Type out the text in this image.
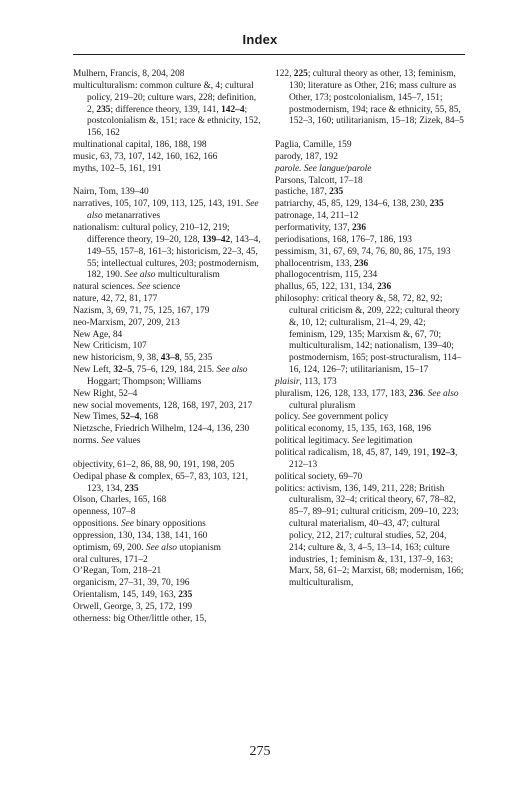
Index
Mulhern, Francis, 8, 204, 208
multiculturalism: common culture &, 4; cultural policy, 219–20; culture wars, 228; definition, 2, 235; difference theory, 139, 141, 142–4; postcolonialism &, 151; race & ethnicity, 152, 156, 162
multinational capital, 186, 188, 198
music, 63, 73, 107, 142, 160, 162, 166
myths, 102–5, 161, 191
Nairn, Tom, 139–40
narratives, 105, 107, 109, 113, 125, 143, 191. See also metanarratives
nationalism: cultural policy, 210–12, 219; difference theory, 19–20, 128, 139–42, 143–4, 149–55, 157–8, 161–3; historicism, 22–3, 45, 55; intellectual cultures, 203; postmodernism, 182, 190. See also multiculturalism
natural sciences. See science
nature, 42, 72, 81, 177
Nazism, 3, 69, 71, 75, 125, 167, 179
neo-Marxism, 207, 209, 213
New Age, 84
New Criticism, 107
new historicism, 9, 38, 43–8, 55, 235
New Left, 32–5, 75–6, 129, 184, 215. See also Hoggart; Thompson; Williams
New Right, 52–4
new social movements, 128, 168, 197, 203, 217
New Times, 52–4, 168
Nietzsche, Friedrich Wilhelm, 124–4, 136, 230
norms. See values
objectivity, 61–2, 86, 88, 90, 191, 198, 205
Oedipal phase & complex, 65–7, 83, 103, 121, 123, 134, 235
Olson, Charles, 165, 168
openness, 107–8
oppositions. See binary oppositions
oppression, 130, 134, 138, 141, 160
optimism, 69, 200. See also utopianism
oral cultures, 171–2
O’Regan, Tom, 218–21
organicism, 27–31, 39, 70, 196
Orientalism, 145, 149, 163, 235
Orwell, George, 3, 25, 172, 199
otherness: big Other/little other, 15,
122, 225; cultural theory as other, 13; feminism, 130; literature as Other, 216; mass culture as Other, 173; postcolonialism, 145–7, 151; postmodernism, 194; race & ethnicity, 55, 85, 152–3, 160; utilitarianism, 15–18; Zizek, 84–5
Paglia, Camille, 159
parody, 187, 192
parole. See langue/parole
Parsons, Talcott, 17–18
pastiche, 187, 235
patriarchy, 45, 85, 129, 134–6, 138, 230, 235
patronage, 14, 211–12
performativity, 137, 236
periodisations, 168, 176–7, 186, 193
pessimism, 31, 67, 69, 74, 76, 80, 86, 175, 193
phallocentrism, 133, 236
phallogocentrism, 115, 234
phallus, 65, 122, 131, 134, 236
philosophy: critical theory &, 58, 72, 82, 92; cultural criticism &, 209, 222; cultural theory &, 10, 12; culturalism, 21–4, 29, 42; feminism, 129, 135; Marxism &, 67, 70; multiculturalism, 142; nationalism, 139–40; postmodernism, 165; post-structuralism, 114–16, 124, 126–7; utilitarianism, 15–17
plaisir, 113, 173
pluralism, 126, 128, 133, 177, 183, 236. See also cultural pluralism
policy. See government policy
political economy, 15, 135, 163, 168, 196
political legitimacy. See legitimation
political radicalism, 18, 45, 87, 149, 191, 192–3, 212–13
political society, 69–70
politics: activism, 136, 149, 211, 228; British culturalism, 32–4; critical theory, 67, 78–82, 85–7, 89–91; cultural criticism, 209–10, 223; cultural materialism, 40–43, 47; cultural policy, 212, 217; cultural studies, 52, 204, 214; culture &, 3, 4–5, 13–14, 163; culture industries, 1; feminism &, 131, 137–9, 163; Marx, 58, 61–2; Marxist, 68; modernism, 166; multiculturalism,
275
